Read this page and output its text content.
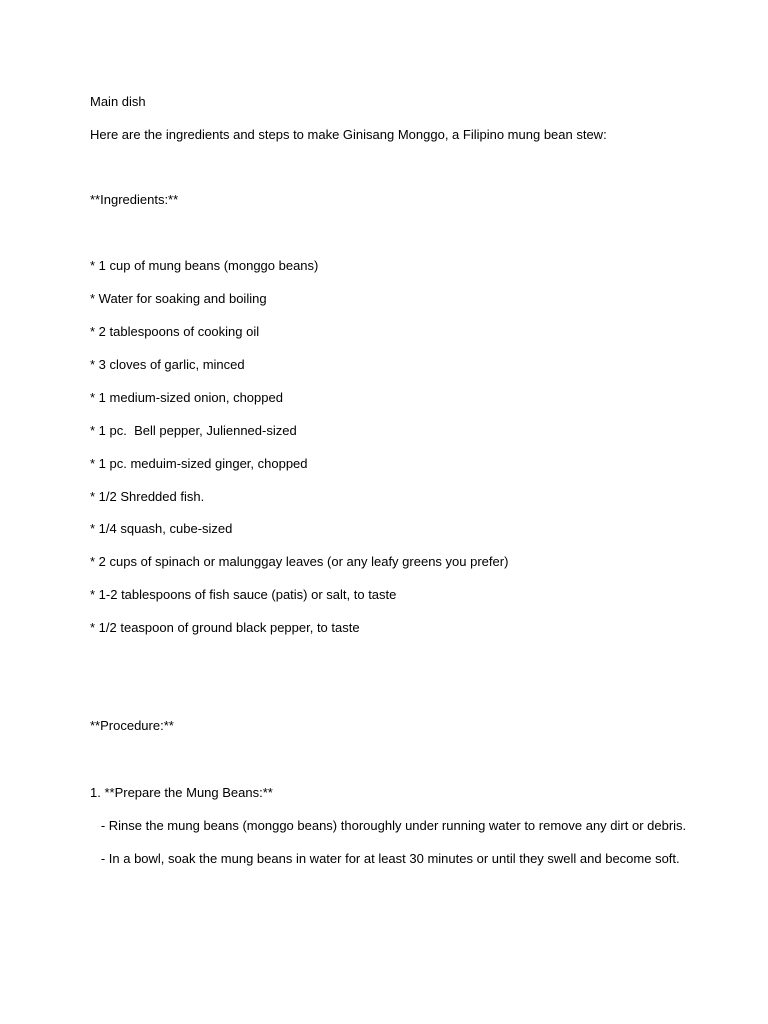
Main dish
Here are the ingredients and steps to make Ginisang Monggo, a Filipino mung bean stew:
**Ingredients:**
* 1 cup of mung beans (monggo beans)
* Water for soaking and boiling
* 2 tablespoons of cooking oil
* 3 cloves of garlic, minced
* 1 medium-sized onion, chopped
* 1 pc.  Bell pepper, Julienned-sized
* 1 pc. meduim-sized ginger, chopped
* 1/2 Shredded fish.
* 1/4 squash, cube-sized
* 2 cups of spinach or malunggay leaves (or any leafy greens you prefer)
* 1-2 tablespoons of fish sauce (patis) or salt, to taste
* 1/2 teaspoon of ground black pepper, to taste
**Procedure:**
1. **Prepare the Mung Beans:**
- Rinse the mung beans (monggo beans) thoroughly under running water to remove any dirt or debris.
- In a bowl, soak the mung beans in water for at least 30 minutes or until they swell and become soft.
